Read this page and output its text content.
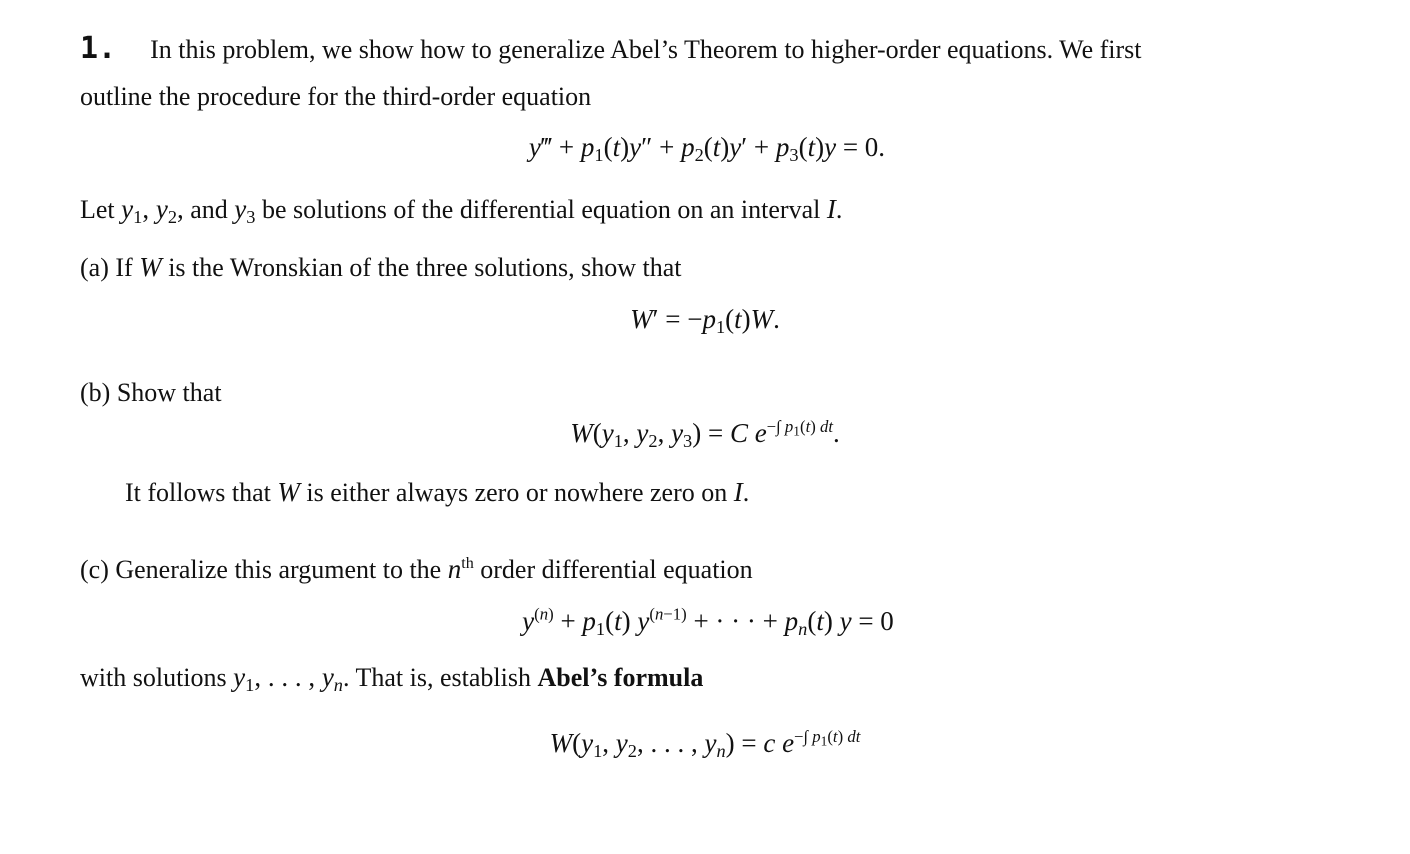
1. In this problem, we show how to generalize Abel’s Theorem to higher-order equations. We first
outline the procedure for the third-order equation
y‴ + $p_1(t)y'' + p_2(t)y' + p_3(t)y = 0$.
Let $y_1$, $y_2$, and $y_3$ be solutions of the differential equation on an interval I.
(a) If W is the Wronskian of the three solutions, show that
$W' = -p_1(t)W$.
(b) Show that
$W(y_1$, $y_2$, $y_3) = C$ $e^{-\int p_1(t) dt}$.
It follows that W is either always zero or nowhere zero on I.
(c) Generalize this argument to the $n^{th}$ order differential equation
$y^{(n)} + p_1(t) y^{(n-1)}$ + · · · + $p_n(t) y = 0$
with solutions $y_1$, . . . , $y_n$. That is, establish Abel’s formula
$W(y_1$, $y_2$, . . . , $y_n) = c$ $e^{-\int p_1(t) dt}$
